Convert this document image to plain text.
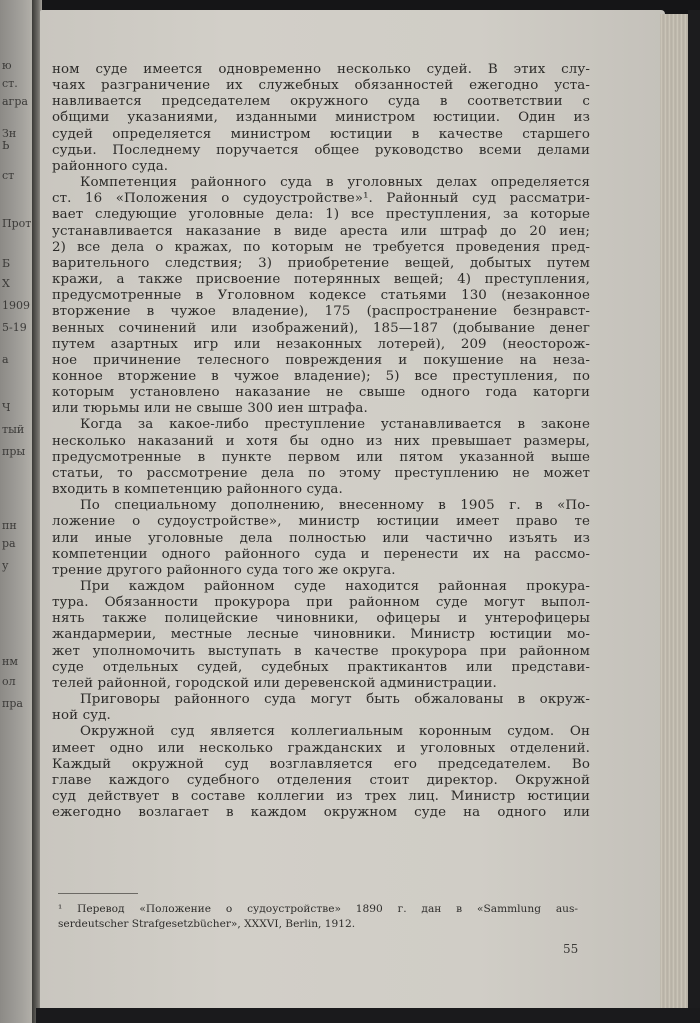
ю
ст.
агра
Зн
Ь
ст
Прот
Б
Х
1909
5-19
а
Ч
тый
пры
пн
ра
у
нм
ол
пра
ном суде имеется одновременно несколько судей. В этих слу-
чаях разграничение их служебных обязанностей ежегодно уста-
навливается председателем окружного суда в соответствии с
общими указаниями, изданными министром юстиции. Один из
судей определяется министром юстиции в качестве старшего
судьи. Последнему поручается общее руководство всеми делами
районного суда.
Компетенция районного суда в уголовных делах определяется
ст. 16 «Положения о судоустройстве»¹. Районный суд рассматри-
вает следующие уголовные дела: 1) все преступления, за которые
устанавливается наказание в виде ареста или штраф до 20 иен;
2) все дела о кражах, по которым не требуется проведения пред-
варительного следствия; 3) приобретение вещей, добытых путем
кражи, а также присвоение потерянных вещей; 4) преступления,
предусмотренные в Уголовном кодексе статьями 130 (незаконное
вторжение в чужое владение), 175 (распространение безнравст-
венных сочинений или изображений), 185—187 (добывание денег
путем азартных игр или незаконных лотерей), 209 (неосторож-
ное причинение телесного повреждения и покушение на неза-
конное вторжение в чужое владение); 5) все преступления, по
которым установлено наказание не свыше одного года каторги
или тюрьмы или не свыше 300 иен штрафа.
Когда за какое-либо преступление устанавливается в законе
несколько наказаний и хотя бы одно из них превышает размеры,
предусмотренные в пункте первом или пятом указанной выше
статьи, то рассмотрение дела по этому преступлению не может
входить в компетенцию районного суда.
По специальному дополнению, внесенному в 1905 г. в «По-
ложение о судоустройстве», министр юстиции имеет право те
или иные уголовные дела полностью или частично изъять из
компетенции одного районного суда и перенести их на рассмо-
трение другого районного суда того же округа.
При каждом районном суде находится районная прокура-
тура. Обязанности прокурора при районном суде могут выпол-
нять также полицейские чиновники, офицеры и унтерофицеры
жандармерии, местные лесные чиновники. Министр юстиции мо-
жет уполномочить выступать в качестве прокурора при районном
суде отдельных судей, судебных практикантов или представи-
телей районной, городской или деревенской администрации.
Приговоры районного суда могут быть обжалованы в окруж-
ной суд.
Окружной суд является коллегиальным коронным судом. Он
имеет одно или несколько гражданских и уголовных отделений.
Каждый окружной суд возглавляется его председателем. Во
главе каждого судебного отделения стоит директор. Окружной
суд действует в составе коллегии из трех лиц. Министр юстиции
ежегодно возлагает в каждом окружном суде на одного или
¹ Перевод «Положение о судоустройстве» 1890 г. дан в «Sammlung aus-
serdeutscher Strafgesetzbücher», XXXVI, Berlin, 1912.
55
